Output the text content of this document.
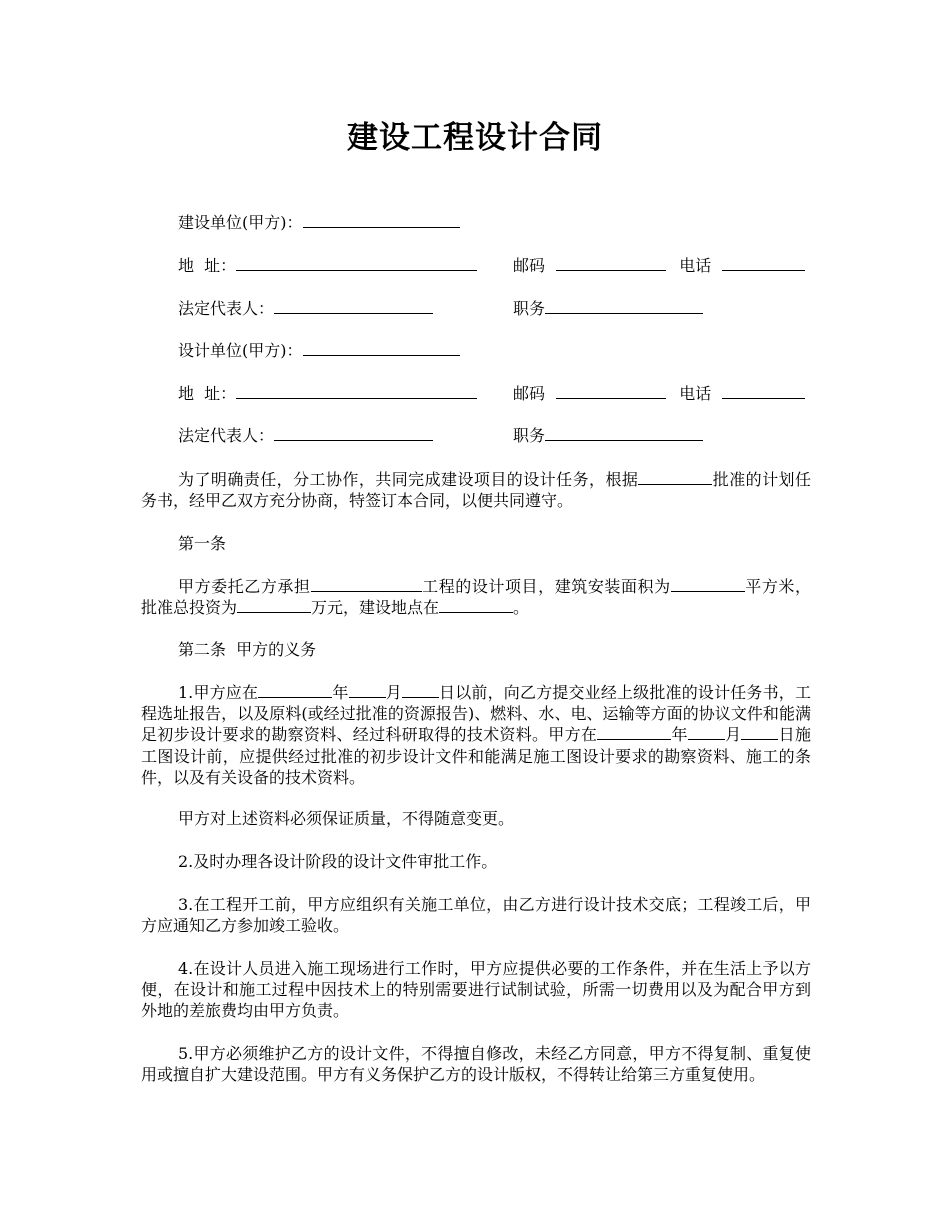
建设工程设计合同
建设单位(甲方)：
地  址：	邮码	电话
法定代表人：	职务
设计单位(甲方)：
地  址：	邮码	电话
法定代表人：	职务

为了明确责任，分工协作，共同完成建设项目的设计任务，根据	批准的计划任务书，经甲乙双方充分协商，特签订本合同，以便共同遵守。

第一条

甲方委托乙方承担	工程的设计项目，建筑安装面积为	平方米，批准总投资为	万元，建设地点在	。

第二条  甲方的义务

1.甲方应在	年 月 日以前，向乙方提交业经上级批准的设计任务书，工程选址报告，以及原料(或经过批准的资源报告)、燃料、水、电、运输等方面的协议文件和能满足初步设计要求的勘察资料、经过科研取得的技术资料。甲方在	年 月 日施工图设计前，应提供经过批准的初步设计文件和能满足施工图设计要求的勘察资料、施工的条件，以及有关设备的技术资料。

甲方对上述资料必须保证质量，不得随意变更。

2.及时办理各设计阶段的设计文件审批工作。

3.在工程开工前，甲方应组织有关施工单位，由乙方进行设计技术交底；工程竣工后，甲方应通知乙方参加竣工验收。

4.在设计人员进入施工现场进行工作时，甲方应提供必要的工作条件，并在生活上予以方便，在设计和施工过程中因技术上的特别需要进行试制试验，所需一切费用以及为配合甲方到外地的差旅费均由甲方负责。

5.甲方必须维护乙方的设计文件，不得擅自修改，未经乙方同意，甲方不得复制、重复使用或擅自扩大建设范围。甲方有义务保护乙方的设计版权，不得转让给第三方重复使用。
